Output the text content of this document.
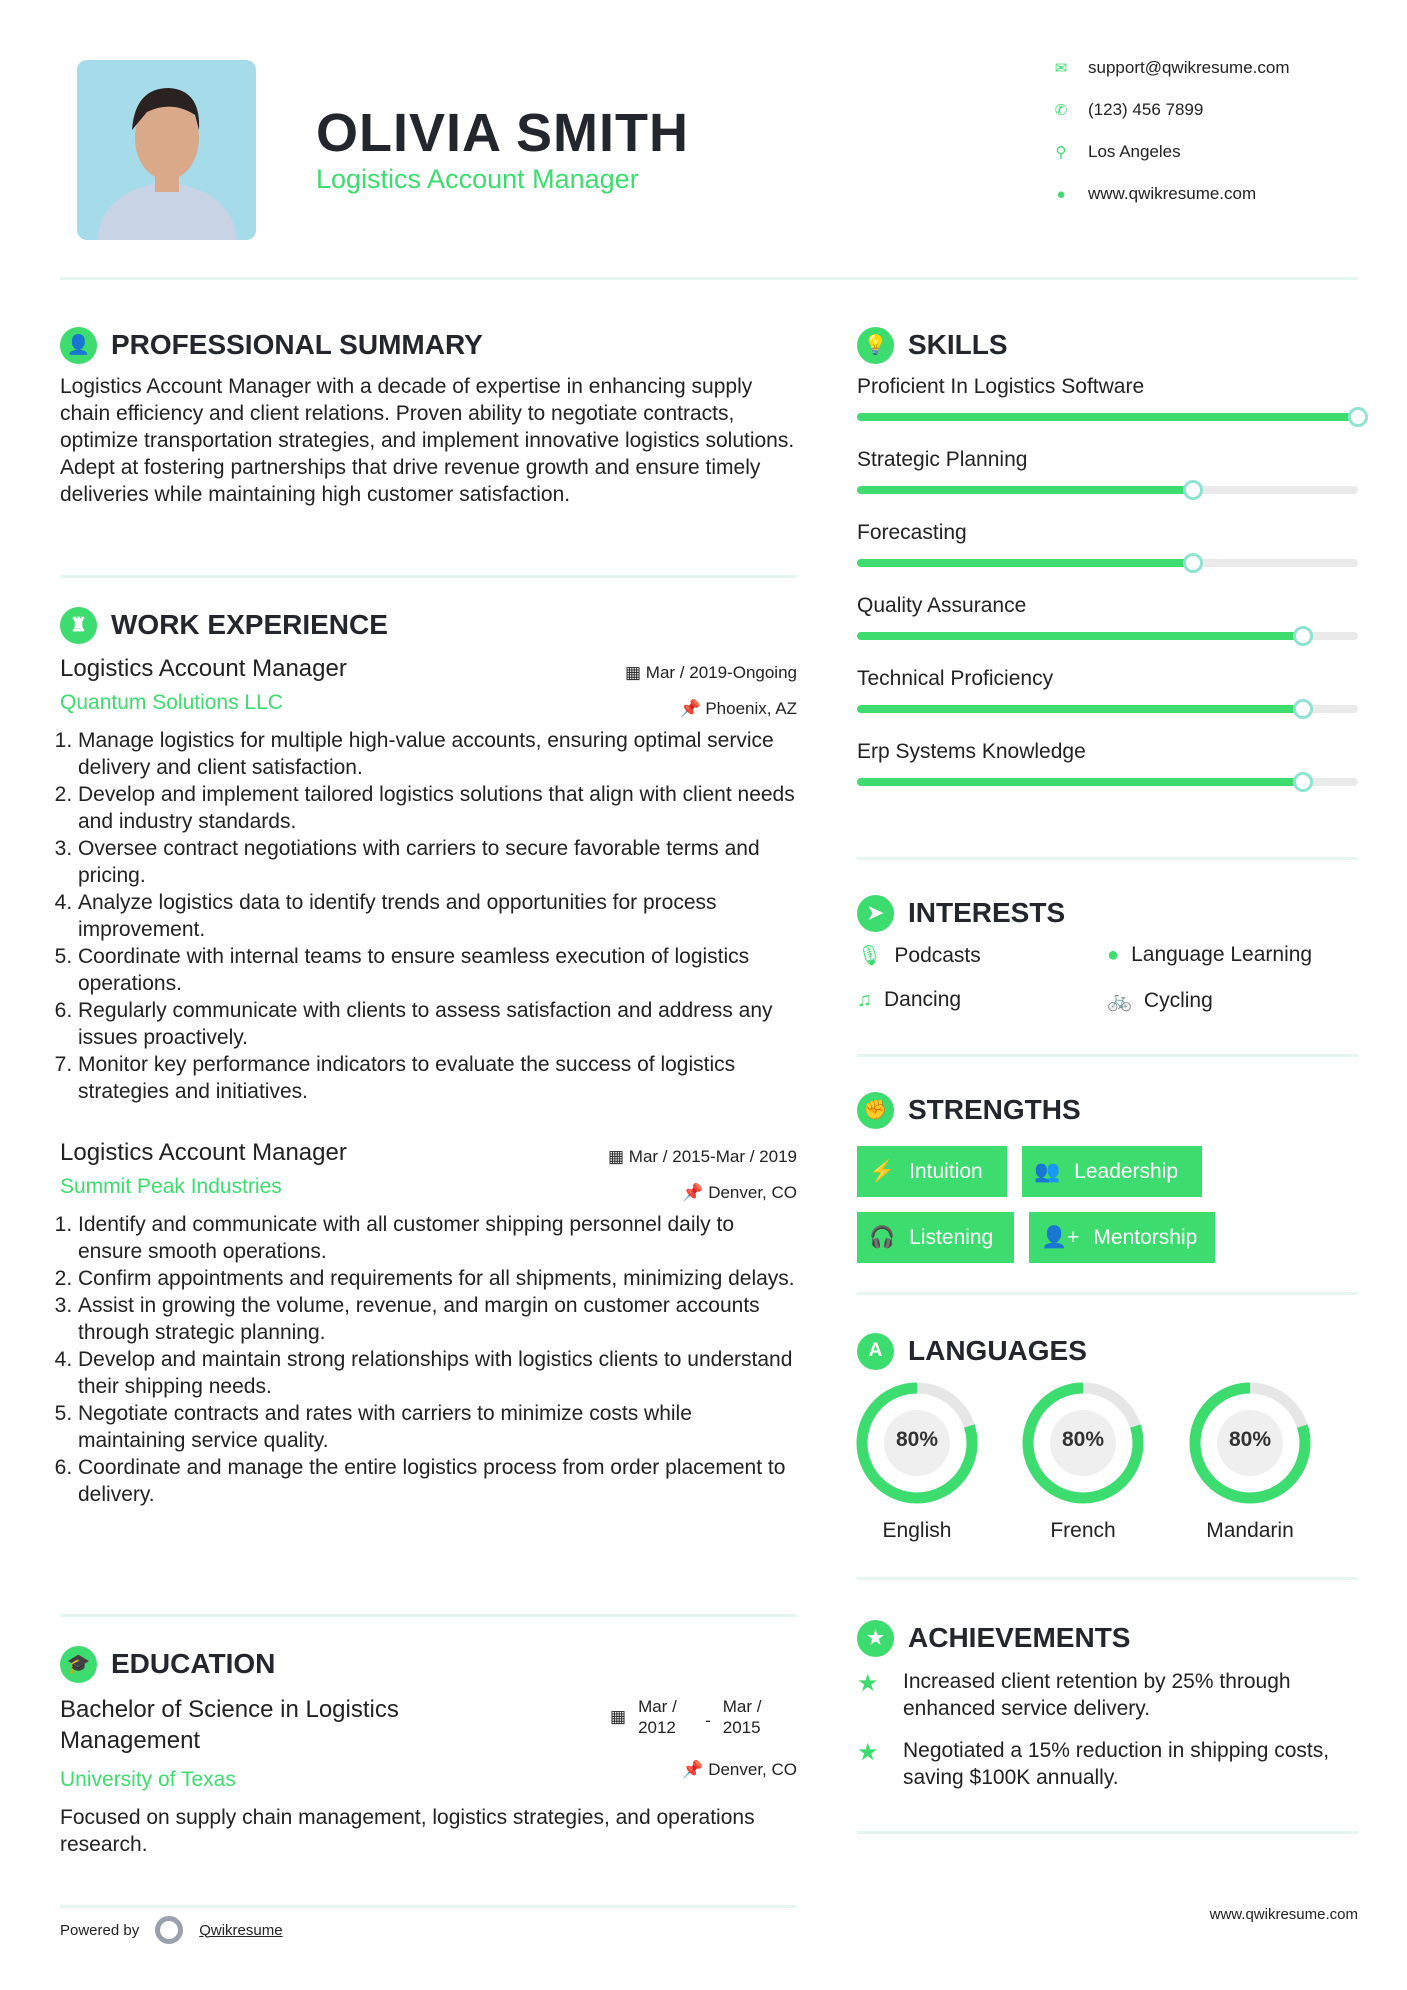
OLIVIA SMITH
Logistics Account Manager
✉ support@qwikresume.com
✆ (123) 456 7899
⚲ Los Angeles
● www.qwikresume.com
👤 PROFESSIONAL SUMMARY
Logistics Account Manager with a decade of expertise in enhancing supply chain efficiency and client relations. Proven ability to negotiate contracts, optimize transportation strategies, and implement innovative logistics solutions. Adept at fostering partnerships that drive revenue growth and ensure timely deliveries while maintaining high customer satisfaction.
♜ WORK EXPERIENCE
Logistics Account Manager
Quantum Solutions LLC
▦ Mar / 2019-Ongoing
📌 Phoenix, AZ
1. Manage logistics for multiple high-value accounts, ensuring optimal service delivery and client satisfaction.
2. Develop and implement tailored logistics solutions that align with client needs and industry standards.
3. Oversee contract negotiations with carriers to secure favorable terms and pricing.
4. Analyze logistics data to identify trends and opportunities for process improvement.
5. Coordinate with internal teams to ensure seamless execution of logistics operations.
6. Regularly communicate with clients to assess satisfaction and address any issues proactively.
7. Monitor key performance indicators to evaluate the success of logistics strategies and initiatives.
Logistics Account Manager
Summit Peak Industries
▦ Mar / 2015-Mar / 2019
📌 Denver, CO
1. Identify and communicate with all customer shipping personnel daily to ensure smooth operations.
2. Confirm appointments and requirements for all shipments, minimizing delays.
3. Assist in growing the volume, revenue, and margin on customer accounts through strategic planning.
4. Develop and maintain strong relationships with logistics clients to understand their shipping needs.
5. Negotiate contracts and rates with carriers to minimize costs while maintaining service quality.
6. Coordinate and manage the entire logistics process from order placement to delivery.
🎓 EDUCATION
Bachelor of Science in Logistics Management
University of Texas
▦
Mar / 2012	-
Mar / 2015
📌 Denver, CO
Focused on supply chain management, logistics strategies, and operations research.
Powered by	Qwikresume
www.qwikresume.com
💡 SKILLS
Proficient In Logistics Software
Strategic Planning
Forecasting
Quality Assurance
Technical Proficiency
Erp Systems Knowledge
➤ INTERESTS
🎙 Podcasts	● Language Learning
♫ Dancing	🚲 Cycling
✊ STRENGTHS
⚡ Intuition 👥 Leadership
🎧 Listening 👤+ Mentorship
A LANGUAGES
80%
English
80%
French
80%
Mandarin
★ ACHIEVEMENTS
★ Increased client retention by 25% through enhanced service delivery.
★ Negotiated a 15% reduction in shipping costs, saving $100K annually.
